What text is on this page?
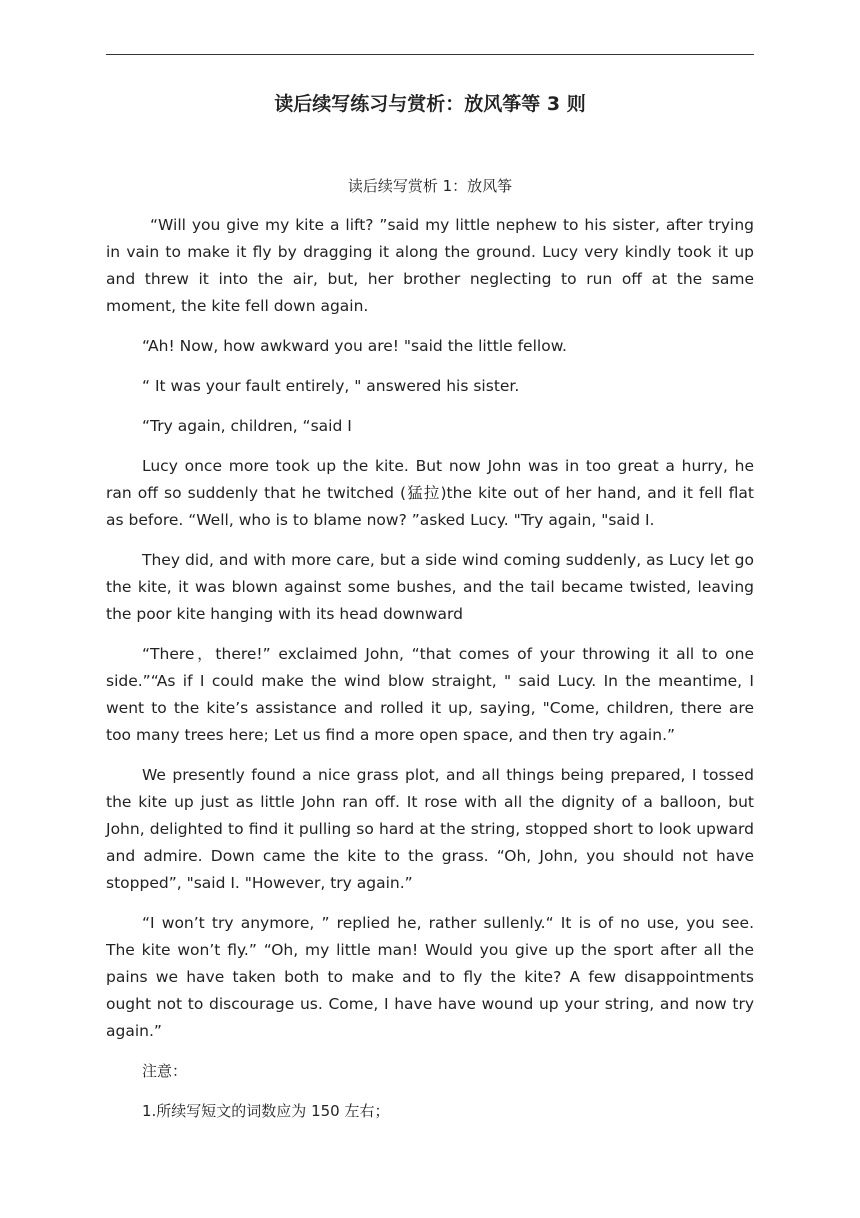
读后续写练习与赏析：放风筝等 3 则
读后续写赏析 1：放风筝

“Will you give my kite a lift? ”said my little nephew to his sister, after trying in vain to make it fly by dragging it along the ground. Lucy very kindly took it up and threw it into the air, but, her brother neglecting to run off at the same moment, the kite fell down again.

“Ah! Now, how awkward you are! "said the little fellow.

“ It was your fault entirely, " answered his sister.

“Try again, children, “said I

Lucy once more took up the kite. But now John was in too great a hurry, he ran off so suddenly that he twitched (猛拉)the kite out of her hand, and it fell flat as before. “Well, who is to blame now? ”asked Lucy. "Try again, "said I.

They did, and with more care, but a side wind coming suddenly, as Lucy let go the kite, it was blown against some bushes, and the tail became twisted, leaving the poor kite hanging with its head downward

“There，there!” exclaimed John, “that comes of your throwing it all to one side.”“As if I could make the wind blow straight, " said Lucy. In the meantime, I went to the kite’s assistance and rolled it up, saying, "Come, children, there are too many trees here; Let us find a more open space, and then try again.”

We presently found a nice grass plot, and all things being prepared, I tossed the kite up just as little John ran off. It rose with all the dignity of a balloon, but John, delighted to find it pulling so hard at the string, stopped short to look upward and admire. Down came the kite to the grass. “Oh, John, you should not have stopped”, "said I. "However, try again.”

“I won’t try anymore, ” replied he, rather sullenly.“ It is of no use, you see. The kite won’t fly.” “Oh, my little man! Would you give up the sport after all the pains we have taken both to make and to fly the kite? A few disappointments ought not to discourage us. Come, I have have wound up your string, and now try again.”

注意：

1.所续写短文的词数应为 150 左右；
